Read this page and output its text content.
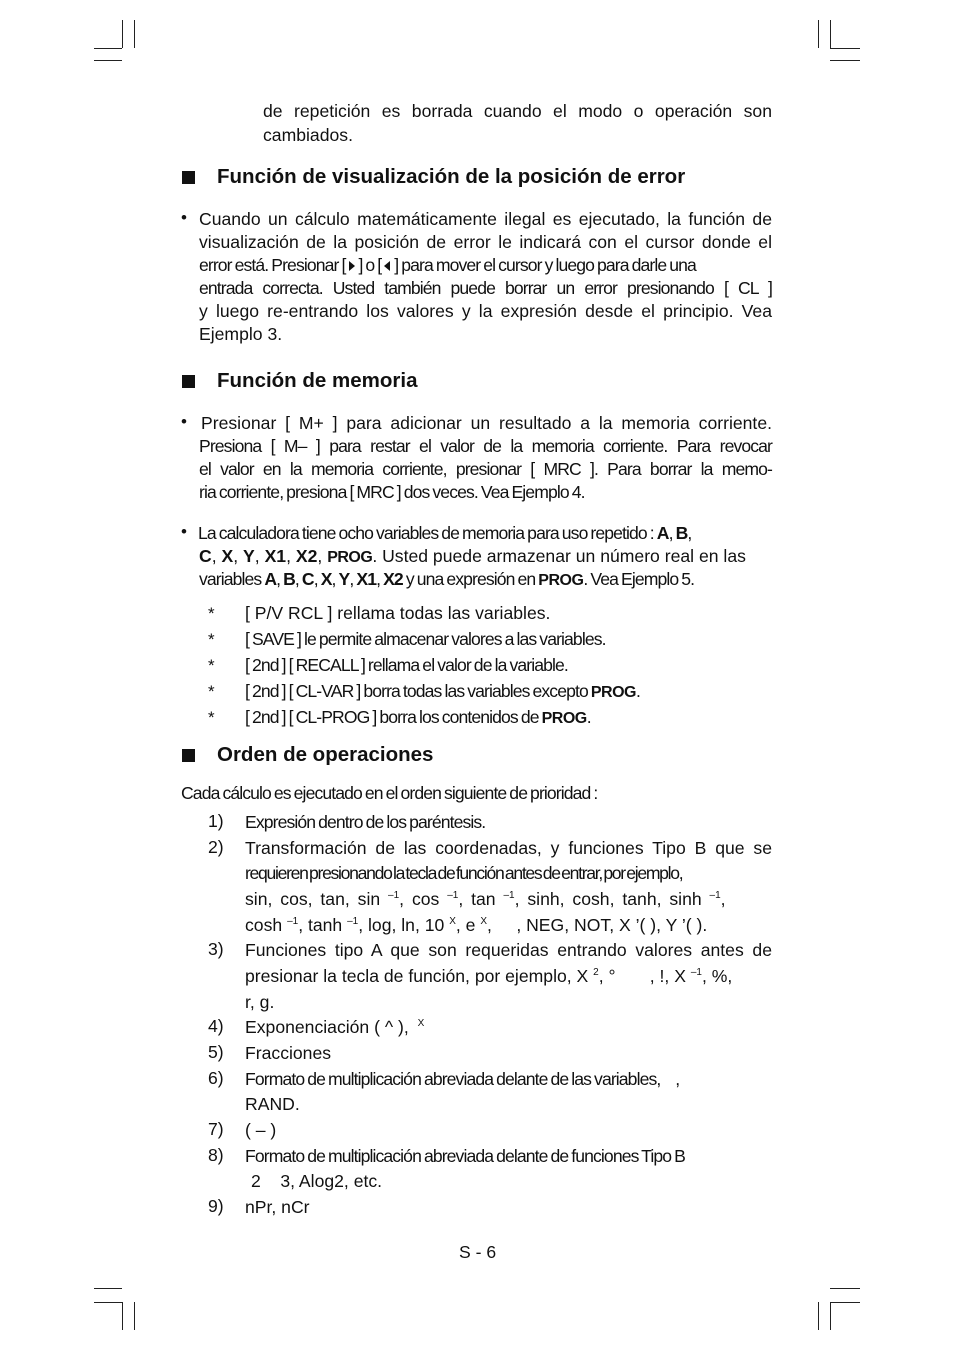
de repetición es borrada cuando el modo o operación son
cambiados.
Función de visualización de la posición de error
• Cuando un cálculo matemáticamente ilegal es ejecutado, la función de
visualización de la posición de error le indicará con el cursor donde el
error está. Presionar [ ] o [ ] para mover el cursor y luego para darle una
entrada correcta. Usted también puede borrar un error presionando [ CL ]
y luego re-entrando los valores y la expresión desde el principio. Vea
Ejemplo 3.
Función de memoria
• Presionar [ M+ ] para adicionar un resultado a la memoria corriente.
Presiona [ M– ] para restar el valor de la memoria corriente. Para revocar
el valor en la memoria corriente, presionar [ MRC ]. Para borrar la memo-
ria corriente, presiona [ MRC ] dos veces. Vea Ejemplo 4.
• La calculadora tiene ocho variables de memoria para uso repetido : A, B,
C, X, Y, X1, X2, PROG. Usted puede armazenar un número real en las
variables A, B, C, X, Y, X1, X2 y una expresión en PROG. Vea Ejemplo 5.
* [ P/V RCL ] rellama todas las variables.
* [ SAVE ] le permite almacenar valores a las variables.
* [ 2nd ] [ RECALL ] rellama el valor de la variable.
* [ 2nd ] [ CL-VAR ] borra todas las variables excepto PROG.
* [ 2nd ] [ CL-PROG ] borra los contenidos de PROG.
Orden de operaciones
Cada cálculo es ejecutado en el orden siguiente de prioridad :
1) Expresión dentro de los paréntesis.
2) Transformación de las coordenadas, y funciones Tipo B que se
requieren presionando la tecla de función antes de entrar, por ejemplo,
sin, cos, tan, sin $^{-1}$, cos $^{-1}$, tan $^{-1}$, sinh, cosh, tanh, sinh $^{-1}$,
cosh $^{-1}$, tanh $^{-1}$, log, ln, 10 $^X$, e $^X$,     , NEG, NOT, X ’( ), Y ’( ).
3) Funciones tipo A que son requeridas entrando valores antes de
presionar la tecla de función, por ejemplo, X $^2$, °       , !, X $^{-1}$, %,
r, g.
4) Exponenciación ( ^ ), $^X$
5) Fracciones
6) Formato de multiplicación abreviada delante de las variables,     ,
RAND.
7) ( – )
8) Formato de multiplicación abreviada delante de funciones Tipo B
2    3, Alog2, etc.
9) nPr, nCr
S - 6
